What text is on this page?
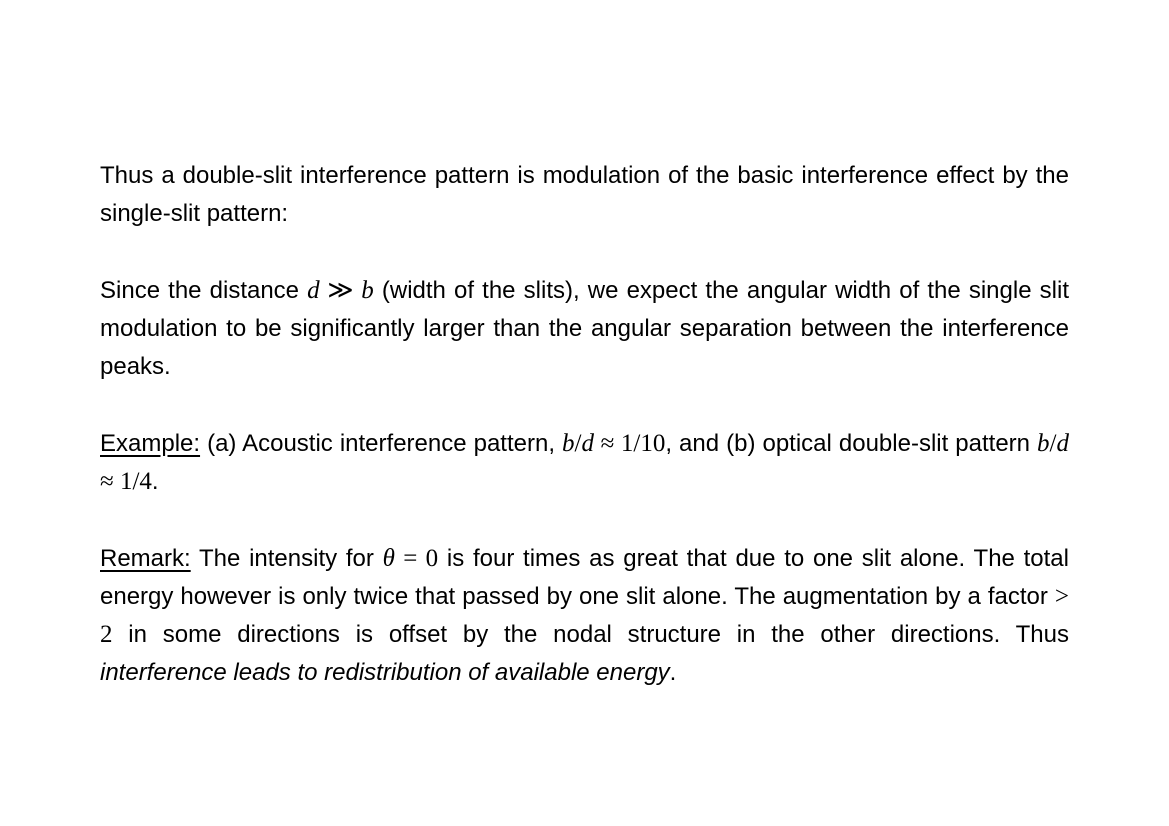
Thus a double-slit interference pattern is modulation of the basic interference effect by the single-slit pattern:

Since the distance d ≫ b (width of the slits), we expect the angular width of the single slit modulation to be significantly larger than the angular separation between the interference peaks.

Example: (a) Acoustic interference pattern, b/d ≈ 1/10, and (b) optical double-slit pattern b/d ≈ 1/4.

Remark: The intensity for θ = 0 is four times as great that due to one slit alone. The total energy however is only twice that passed by one slit alone. The augmentation by a factor > 2 in some directions is offset by the nodal structure in the other directions. Thus interference leads to redistribution of available energy.
